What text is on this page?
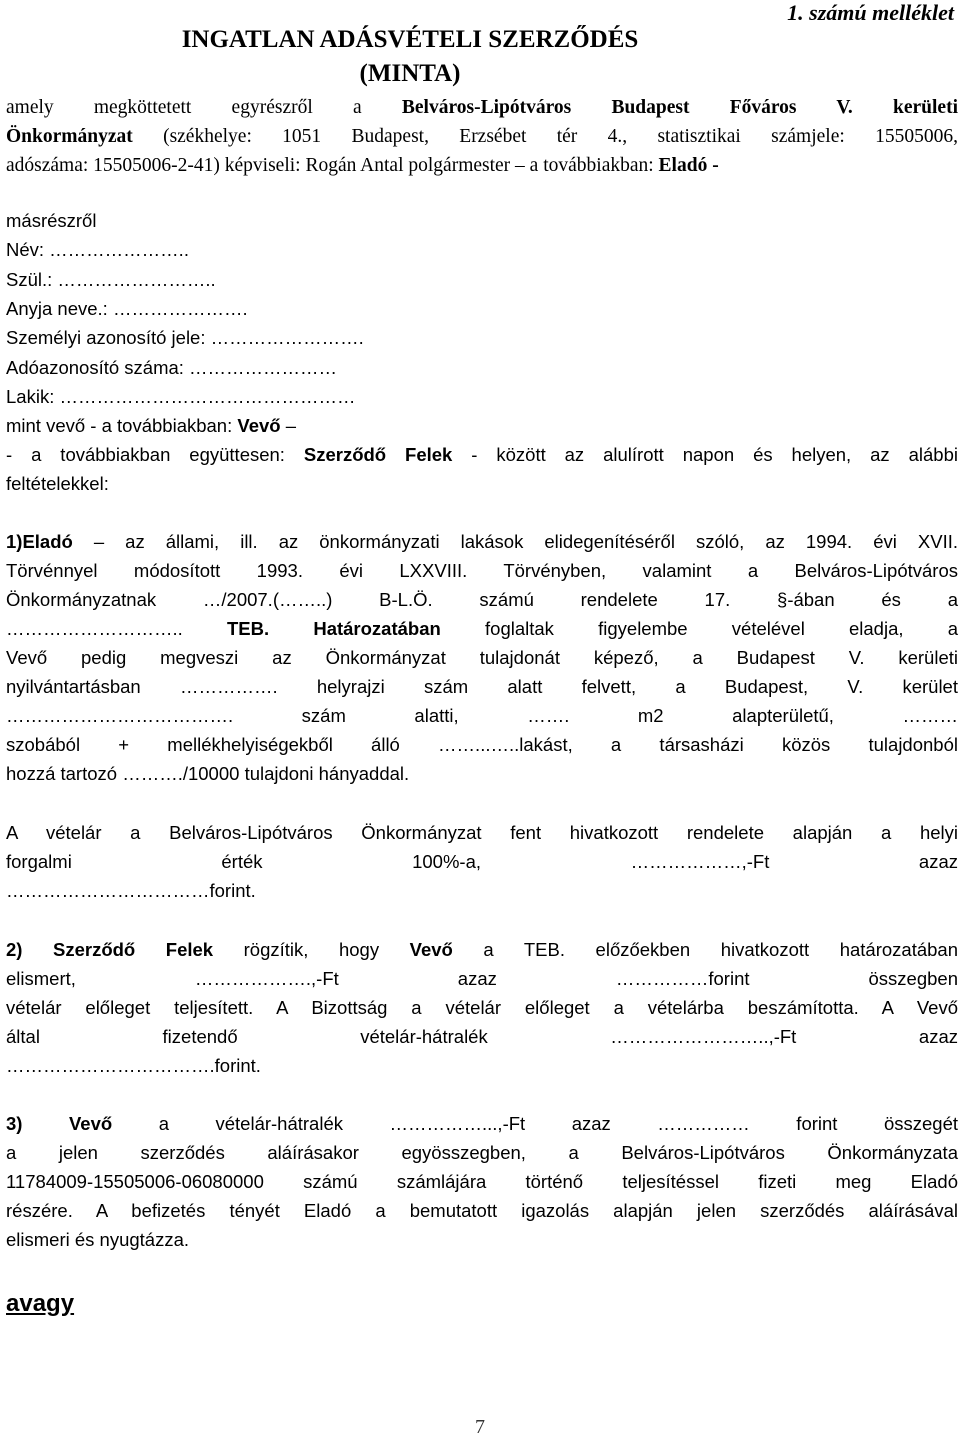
1. számú melléklet
INGATLAN ADÁSVÉTELI SZERZŐDÉS
(MINTA)
amely megköttetett egyrészről a Belváros-Lipótváros Budapest Főváros V. kerületi
Önkormányzat (székhelye: 1051 Budapest, Erzsébet tér 4., statisztikai számjele: 15505006,
adószáma: 15505006-2-41) képviseli: Rogán Antal polgármester – a továbbiakban: Eladó -
másrészről
Név: …………………..
Szül.: ……………………..
Anyja neve.: ………………….
Személyi azonosító jele: …………………….
Adóazonosító száma: ……………………
Lakik: …………………………………………
mint vevő - a továbbiakban: Vevő –
- a továbbiakban együttesen: Szerződő Felek - között az alulírott napon és helyen, az alábbi
feltételekkel:
1)Eladó – az állami, ill. az önkormányzati lakások elidegenítéséről szóló, az 1994. évi XVII.
Törvénnyel módosított 1993. évi LXXVIII. Törvényben, valamint a Belváros-Lipótváros
Önkormányzatnak …/2007.(……..) B-L.Ö. számú rendelete 17. §-ában és a
……………………….. TEB. Határozatában foglaltak figyelembe vételével eladja, a
Vevő pedig megveszi az Önkormányzat tulajdonát képező, a Budapest V. kerületi
nyilvántartásban ……………. helyrajzi szám alatt felvett, a Budapest, V. kerület
………………………………. szám alatti, ……. m2 alapterületű, ………
szobából + mellékhelyiségekből álló ……...…..lakást, a társasházi közös tulajdonból
hozzá tartozó ………./10000 tulajdoni hányaddal.
A vételár a Belváros-Lipótváros Önkormányzat fent hivatkozott rendelete alapján a helyi
forgalmi érték 100%-a, ………………,-Ft azaz
……………………………forint.
2) Szerződő Felek rögzítik, hogy Vevő a TEB. előzőekben hivatkozott határozatában
elismert, ……………….,-Ft azaz ……………forint összegben
vételár előleget teljesített. A Bizottság a vételár előleget a vételárba beszámította. A Vevő
által fizetendő vételár-hátralék ……………………..,-Ft azaz
…………………………….forint.
3) Vevő a vételár-hátralék ……………...,-Ft azaz …………… forint összegét
a jelen szerződés aláírásakor egyösszegben, a Belváros-Lipótváros Önkormányzata
11784009-15505006-06080000 számú számlájára történő teljesítéssel fizeti meg Eladó
részére. A befizetés tényét Eladó a bemutatott igazolás alapján jelen szerződés aláírásával
elismeri és nyugtázza.
avagy
7
